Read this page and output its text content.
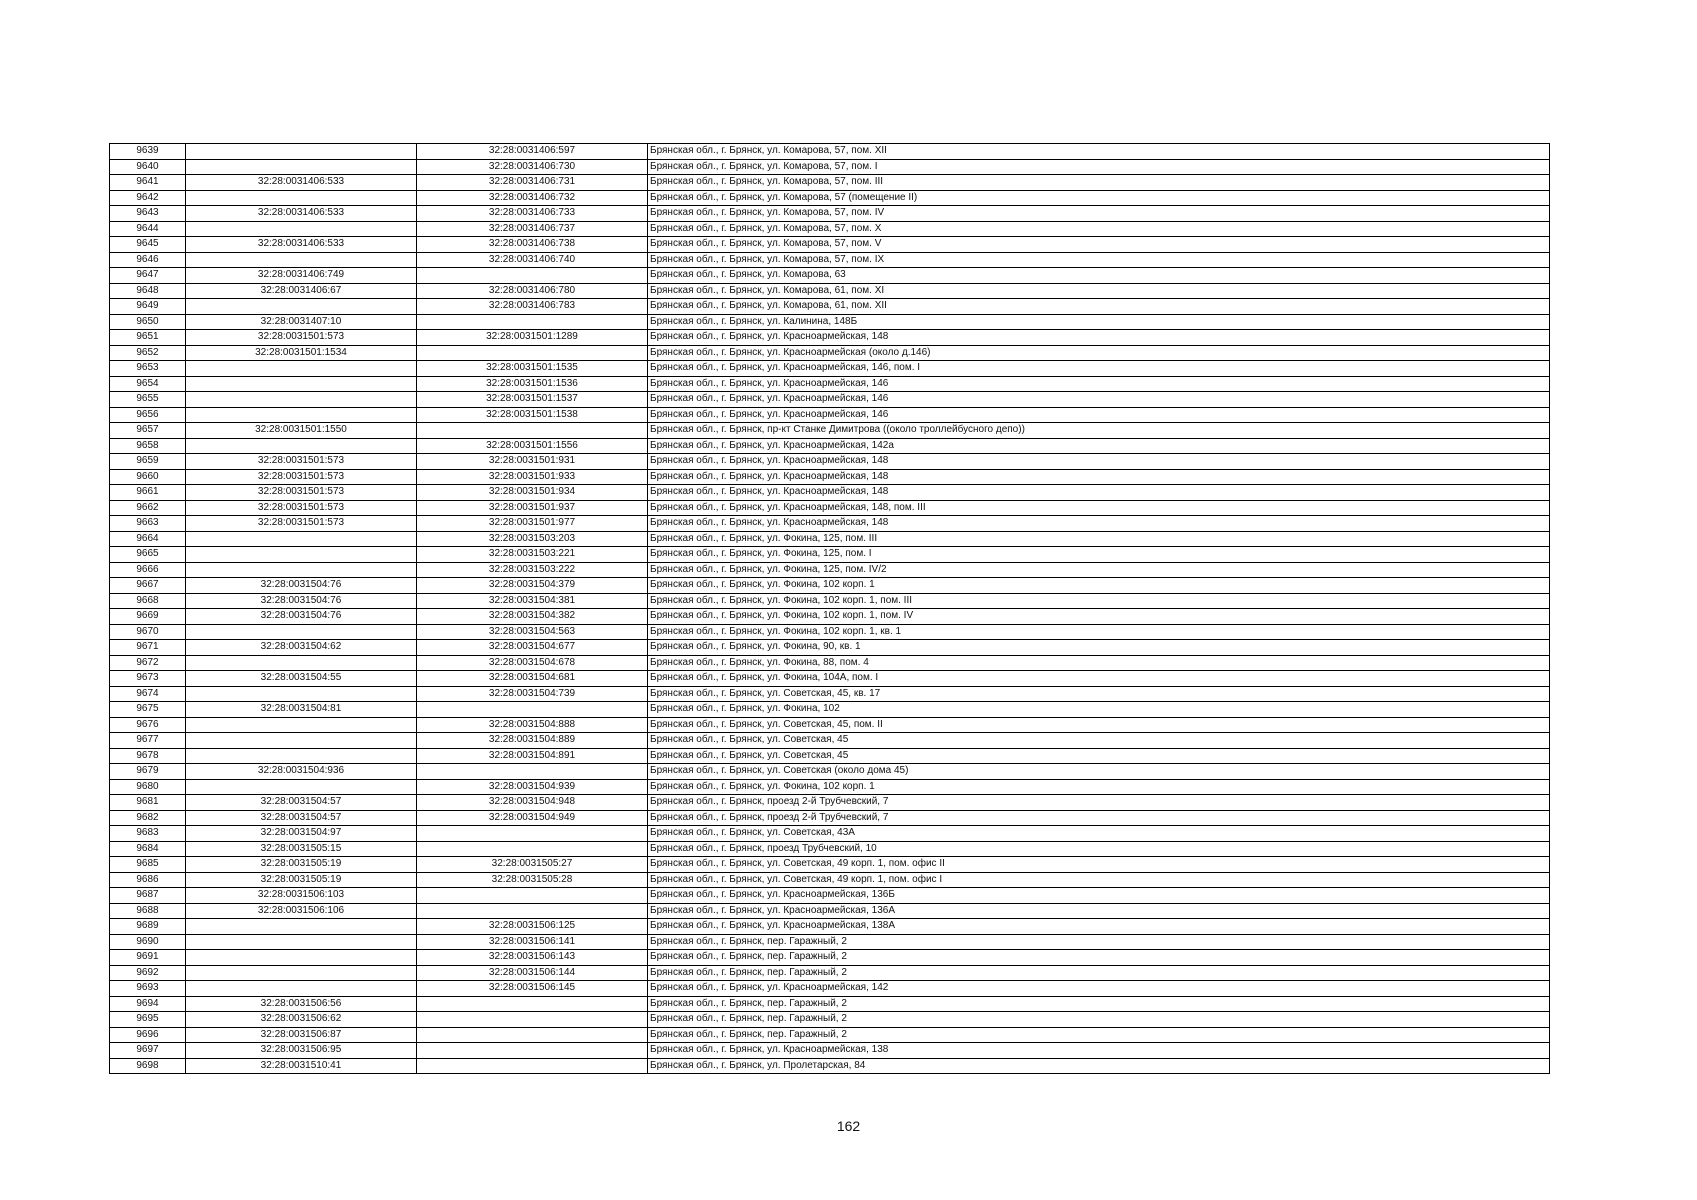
9639		32:28:0031406:597	Брянская обл., г. Брянск, ул. Комарова, 57, пом. XII
9640		32:28:0031406:730	Брянская обл., г. Брянск, ул. Комарова, 57, пом. I
9641	32:28:0031406:533	32:28:0031406:731	Брянская обл., г. Брянск, ул. Комарова, 57, пом. III
9642		32:28:0031406:732	Брянская обл., г. Брянск, ул. Комарова, 57 (помещение II)
9643	32:28:0031406:533	32:28:0031406:733	Брянская обл., г. Брянск, ул. Комарова, 57, пом. IV
9644		32:28:0031406:737	Брянская обл., г. Брянск, ул. Комарова, 57, пом. X
9645	32:28:0031406:533	32:28:0031406:738	Брянская обл., г. Брянск, ул. Комарова, 57, пом. V
9646		32:28:0031406:740	Брянская обл., г. Брянск, ул. Комарова, 57, пом. IX
9647	32:28:0031406:749		Брянская обл., г. Брянск, ул. Комарова, 63
9648	32:28:0031406:67	32:28:0031406:780	Брянская обл., г. Брянск, ул. Комарова, 61, пом. XI
9649		32:28:0031406:783	Брянская обл., г. Брянск, ул. Комарова, 61, пом. XII
9650	32:28:0031407:10		Брянская обл., г. Брянск, ул. Калинина, 148Б
9651	32:28:0031501:573	32:28:0031501:1289	Брянская обл., г. Брянск, ул. Красноармейская, 148
9652	32:28:0031501:1534		Брянская обл., г. Брянск, ул. Красноармейская (около д.146)
9653		32:28:0031501:1535	Брянская обл., г. Брянск, ул. Красноармейская, 146, пом. I
9654		32:28:0031501:1536	Брянская обл., г. Брянск, ул. Красноармейская, 146
9655		32:28:0031501:1537	Брянская обл., г. Брянск, ул. Красноармейская, 146
9656		32:28:0031501:1538	Брянская обл., г. Брянск, ул. Красноармейская, 146
9657	32:28:0031501:1550		Брянская обл., г. Брянск, пр-кт Станке Димитрова ((около троллейбусного депо))
9658		32:28:0031501:1556	Брянская обл., г. Брянск, ул. Красноармейская, 142а
9659	32:28:0031501:573	32:28:0031501:931	Брянская обл., г. Брянск, ул. Красноармейская, 148
9660	32:28:0031501:573	32:28:0031501:933	Брянская обл., г. Брянск, ул. Красноармейская, 148
9661	32:28:0031501:573	32:28:0031501:934	Брянская обл., г. Брянск, ул. Красноармейская, 148
9662	32:28:0031501:573	32:28:0031501:937	Брянская обл., г. Брянск, ул. Красноармейская, 148, пом. III
9663	32:28:0031501:573	32:28:0031501:977	Брянская обл., г. Брянск, ул. Красноармейская, 148
9664		32:28:0031503:203	Брянская обл., г. Брянск, ул. Фокина, 125, пом. III
9665		32:28:0031503:221	Брянская обл., г. Брянск, ул. Фокина, 125, пом. I
9666		32:28:0031503:222	Брянская обл., г. Брянск, ул. Фокина, 125, пом. IV/2
9667	32:28:0031504:76	32:28:0031504:379	Брянская обл., г. Брянск, ул. Фокина, 102 корп. 1
9668	32:28:0031504:76	32:28:0031504:381	Брянская обл., г. Брянск, ул. Фокина, 102 корп. 1, пом. III
9669	32:28:0031504:76	32:28:0031504:382	Брянская обл., г. Брянск, ул. Фокина, 102 корп. 1, пом. IV
9670		32:28:0031504:563	Брянская обл., г. Брянск, ул. Фокина, 102 корп. 1, кв. 1
9671	32:28:0031504:62	32:28:0031504:677	Брянская обл., г. Брянск, ул. Фокина, 90, кв. 1
9672		32:28:0031504:678	Брянская обл., г. Брянск, ул. Фокина, 88, пом. 4
9673	32:28:0031504:55	32:28:0031504:681	Брянская обл., г. Брянск, ул. Фокина, 104А, пом. I
9674		32:28:0031504:739	Брянская обл., г. Брянск, ул. Советская, 45, кв. 17
9675	32:28:0031504:81		Брянская обл., г. Брянск, ул. Фокина, 102
9676		32:28:0031504:888	Брянская обл., г. Брянск, ул. Советская, 45, пом. II
9677		32:28:0031504:889	Брянская обл., г. Брянск, ул. Советская, 45
9678		32:28:0031504:891	Брянская обл., г. Брянск, ул. Советская, 45
9679	32:28:0031504:936		Брянская обл., г. Брянск, ул. Советская (около дома 45)
9680		32:28:0031504:939	Брянская обл., г. Брянск, ул. Фокина, 102 корп. 1
9681	32:28:0031504:57	32:28:0031504:948	Брянская обл., г. Брянск, проезд 2-й Трубчевский, 7
9682	32:28:0031504:57	32:28:0031504:949	Брянская обл., г. Брянск, проезд 2-й Трубчевский, 7
9683	32:28:0031504:97		Брянская обл., г. Брянск, ул. Советская, 43А
9684	32:28:0031505:15		Брянская обл., г. Брянск, проезд Трубчевский, 10
9685	32:28:0031505:19	32:28:0031505:27	Брянская обл., г. Брянск, ул. Советская, 49 корп. 1, пом. офис II
9686	32:28:0031505:19	32:28:0031505:28	Брянская обл., г. Брянск, ул. Советская, 49 корп. 1, пом. офис I
9687	32:28:0031506:103		Брянская обл., г. Брянск, ул. Красноармейская, 136Б
9688	32:28:0031506:106		Брянская обл., г. Брянск, ул. Красноармейская, 136А
9689		32:28:0031506:125	Брянская обл., г. Брянск, ул. Красноармейская, 138А
9690		32:28:0031506:141	Брянская обл., г. Брянск, пер. Гаражный, 2
9691		32:28:0031506:143	Брянская обл., г. Брянск, пер. Гаражный, 2
9692		32:28:0031506:144	Брянская обл., г. Брянск, пер. Гаражный, 2
9693		32:28:0031506:145	Брянская обл., г. Брянск, ул. Красноармейская, 142
9694	32:28:0031506:56		Брянская обл., г. Брянск, пер. Гаражный, 2
9695	32:28:0031506:62		Брянская обл., г. Брянск, пер. Гаражный, 2
9696	32:28:0031506:87		Брянская обл., г. Брянск, пер. Гаражный, 2
9697	32:28:0031506:95		Брянская обл., г. Брянск, ул. Красноармейская, 138
9698	32:28:0031510:41		Брянская обл., г. Брянск, ул. Пролетарская, 84
162
